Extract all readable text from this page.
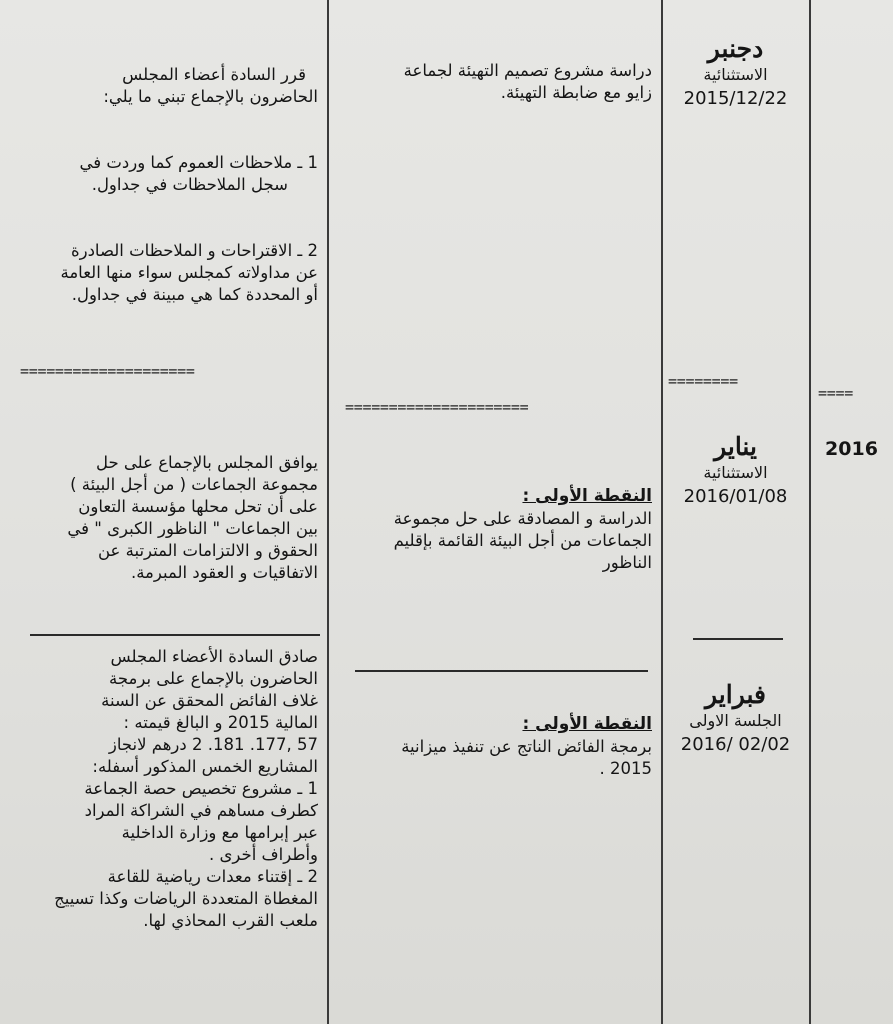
دجنبر
الاستثنائية
2015/12/22
دراسة مشروع تصميم التهيئة لجماعة
زايو مع ضابطة التهيئة.
قرر السادة أعضاء المجلس
الحاضرون بالإجماع تبني ما يلي:
1 ـ ملاحظات العموم كما وردت في
سجل الملاحظات في جداول.
2 ـ الاقتراحات و الملاحظات الصادرة
عن مداولاته كمجلس سواء منها العامة
أو المحددة كما هي مبينة في جداول.
====================
=====================
========
====
2016
يناير
الاستثنائية
2016/01/08
النقطة الأولى :
الدراسة و المصادقة على حل مجموعة
الجماعات من أجل البيئة القائمة بإقليم
الناظور
يوافق المجلس بالإجماع على حل
مجموعة الجماعات ( من أجل البيئة )
على أن تحل محلها مؤسسة التعاون
بين الجماعات " الناظور الكبرى " في
الحقوق و الالتزامات المترتبة عن
الاتفاقيات و العقود المبرمة.
فبراير
الجلسة الاولى
2016/ 02/02
النقطة الأولى :
برمجة الفائض الناتج عن تنفيذ ميزانية
2015 .
صادق السادة الأعضاء المجلس
الحاضرون بالإجماع على برمجة
غلاف الفائض المحقق عن السنة
المالية 2015 و البالغ قيمته :
57 ,177. 181. 2 درهم لانجاز
المشاريع الخمس المذكور أسفله:
1 ـ مشروع تخصيص حصة الجماعة
كطرف مساهم في الشراكة المراد
عبر إبرامها مع وزارة الداخلية
وأطراف أخرى .
2 ـ إقتناء معدات رياضية للقاعة
المغطاة المتعددة الرياضات وكذا تسييج
ملعب القرب المحاذي لها.
